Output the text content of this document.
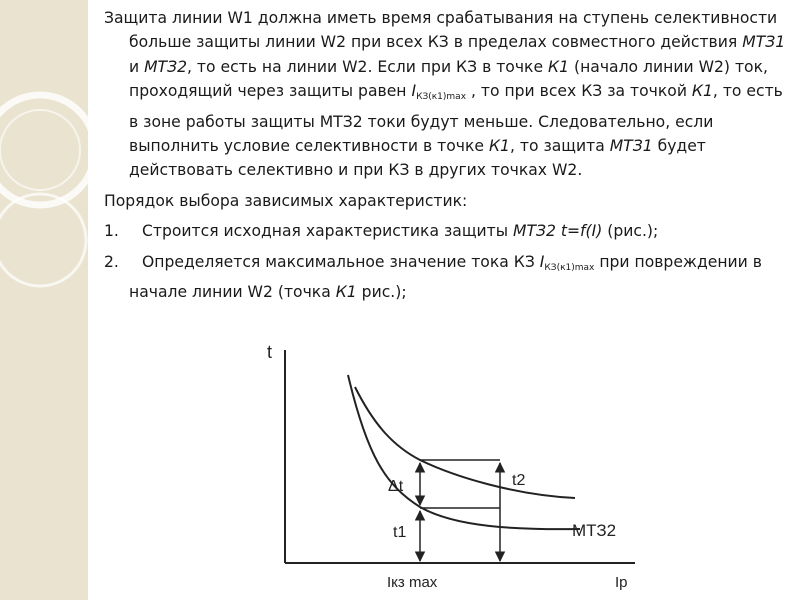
Защита линии W1 должна иметь время срабатывания на ступень селективности больше защиты линии W2 при всех КЗ в пределах совместного действия МТЗ1 и МТЗ2, то есть на линии W2. Если при КЗ в точке К1 (начало линии W2) ток, проходящий через защиты равен $I_{КЗ(к1)max}$ , то при всех КЗ за точкой К1, то есть в зоне работы защиты МТЗ2 токи будут меньше. Следовательно, если выполнить условие селективности в точке К1, то защита МТЗ1 будет действовать селективно и при КЗ в других точках W2.

Порядок выбора зависимых характеристик:

1. Строится исходная характеристика защиты МТЗ2 t=f(I) (рис.);

2. Определяется максимальное значение тока КЗ $I_{КЗ(к1)max}$ при повреждении в начале линии W2 (точка К1 рис.);

t
Iр
Iкз max
Δt
t1
t2
МТЗ2
